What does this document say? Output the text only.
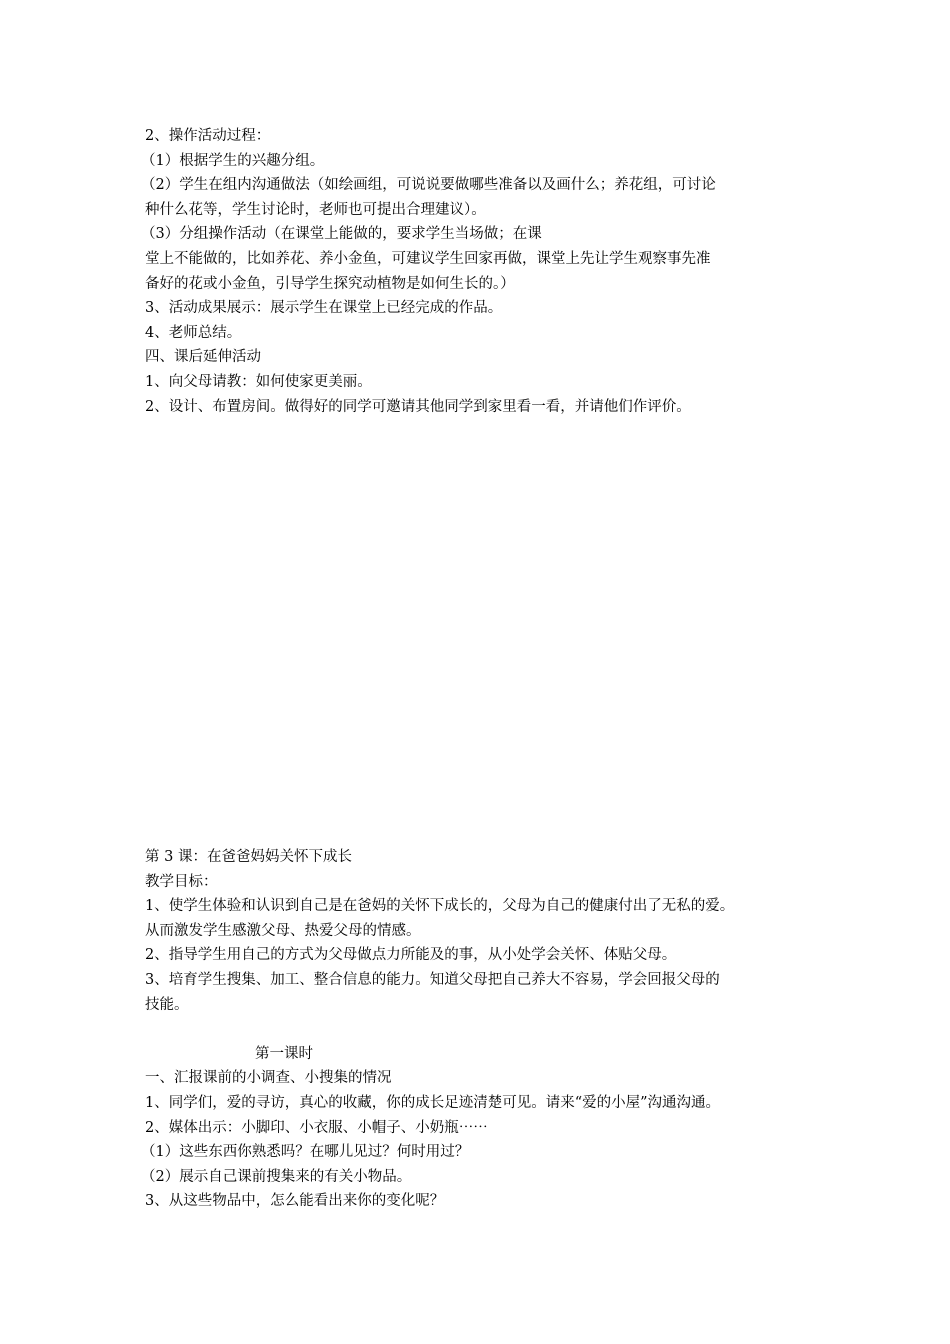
2、操作活动过程：
（1）根据学生的兴趣分组。
（2）学生在组内沟通做法（如绘画组，可说说要做哪些准备以及画什么；养花组，可讨论
种什么花等，学生讨论时，老师也可提出合理建议）。
（3）分组操作活动（在课堂上能做的，要求学生当场做；在课
堂上不能做的，比如养花、养小金鱼，可建议学生回家再做，课堂上先让学生观察事先准
备好的花或小金鱼，引导学生探究动植物是如何生长的。）
3、活动成果展示：展示学生在课堂上已经完成的作品。
4、老师总结。
四、课后延伸活动
1、向父母请教：如何使家更美丽。
2、设计、布置房间。做得好的同学可邀请其他同学到家里看一看，并请他们作评价。
第 3 课：在爸爸妈妈关怀下成长
教学目标：
1、使学生体验和认识到自己是在爸妈的关怀下成长的，父母为自己的健康付出了无私的爱。
从而激发学生感激父母、热爱父母的情感。
2、指导学生用自己的方式为父母做点力所能及的事，从小处学会关怀、体贴父母。
3、培育学生搜集、加工、整合信息的能力。知道父母把自己养大不容易，学会回报父母的
技能。
第一课时
一、汇报课前的小调查、小搜集的情况
1、同学们，爱的寻访，真心的收藏，你的成长足迹清楚可见。请来“爱的小屋”沟通沟通。
2、媒体出示：小脚印、小衣服、小帽子、小奶瓶⋯⋯
（1）这些东西你熟悉吗？在哪儿见过？何时用过？
（2）展示自己课前搜集来的有关小物品。
3、从这些物品中，怎么能看出来你的变化呢？
